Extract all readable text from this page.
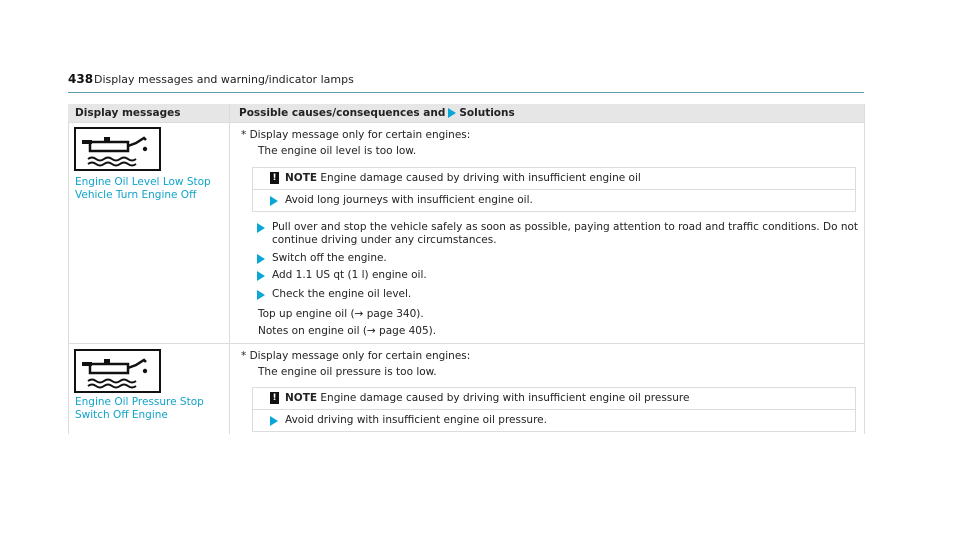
438 Display messages and warning/indicator lamps
Display messages	Possible causes/consequences and Solutions
Engine Oil Level Low Stop
Vehicle Turn Engine Off
* Display message only for certain engines:
The engine oil level is too low.
! NOTE Engine damage caused by driving with insufficient engine oil
Avoid long journeys with insufficient engine oil.
Pull over and stop the vehicle safely as soon as possible, paying attention to road and traffic conditions. Do not
continue driving under any circumstances.
Switch off the engine.
Add 1.1 US qt (1 l) engine oil.
Check the engine oil level.
Top up engine oil (→ page 340).
Notes on engine oil (→ page 405).
Engine Oil Pressure Stop
Switch Off Engine
* Display message only for certain engines:
The engine oil pressure is too low.
! NOTE Engine damage caused by driving with insufficient engine oil pressure
Avoid driving with insufficient engine oil pressure.
